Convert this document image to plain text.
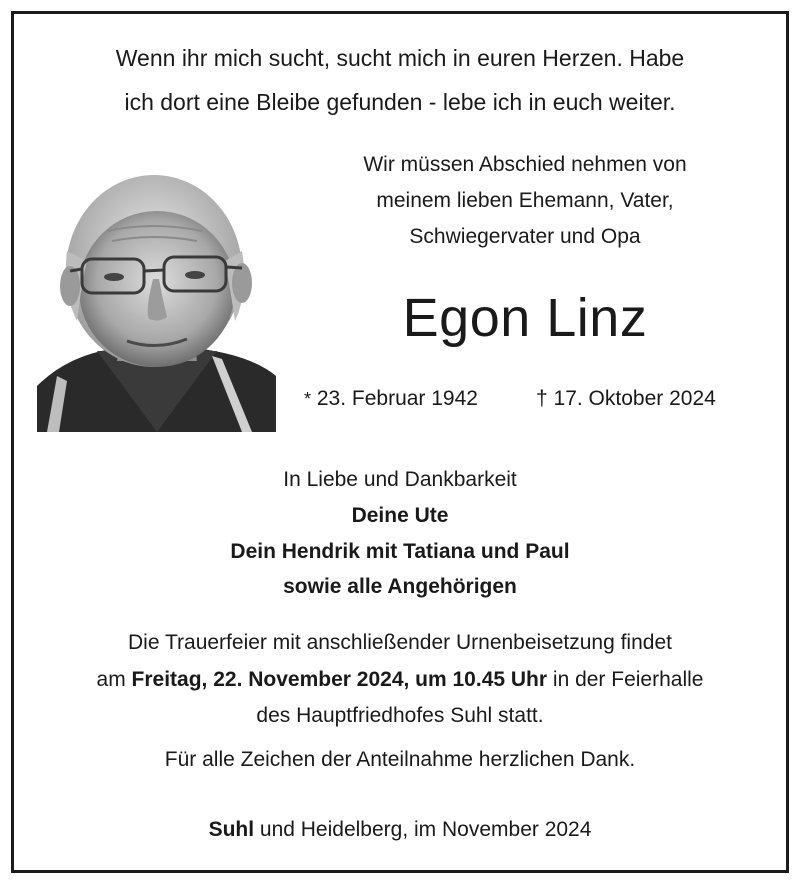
Wenn ihr mich sucht, sucht mich in euren Herzen. Habe
ich dort eine Bleibe gefunden - lebe ich in euch weiter.
Wir müssen Abschied nehmen von
meinem lieben Ehemann, Vater,
Schwiegervater und Opa
Egon Linz
* 23. Februar 1942	† 17. Oktober 2024
In Liebe und Dankbarkeit
Deine Ute
Dein Hendrik mit Tatiana und Paul
sowie alle Angehörigen
Die Trauerfeier mit anschließender Urnenbeisetzung findet
am Freitag, 22. November 2024, um 10.45 Uhr in der Feierhalle
des Hauptfriedhofes Suhl statt.
Für alle Zeichen der Anteilnahme herzlichen Dank.
Suhl und Heidelberg, im November 2024
